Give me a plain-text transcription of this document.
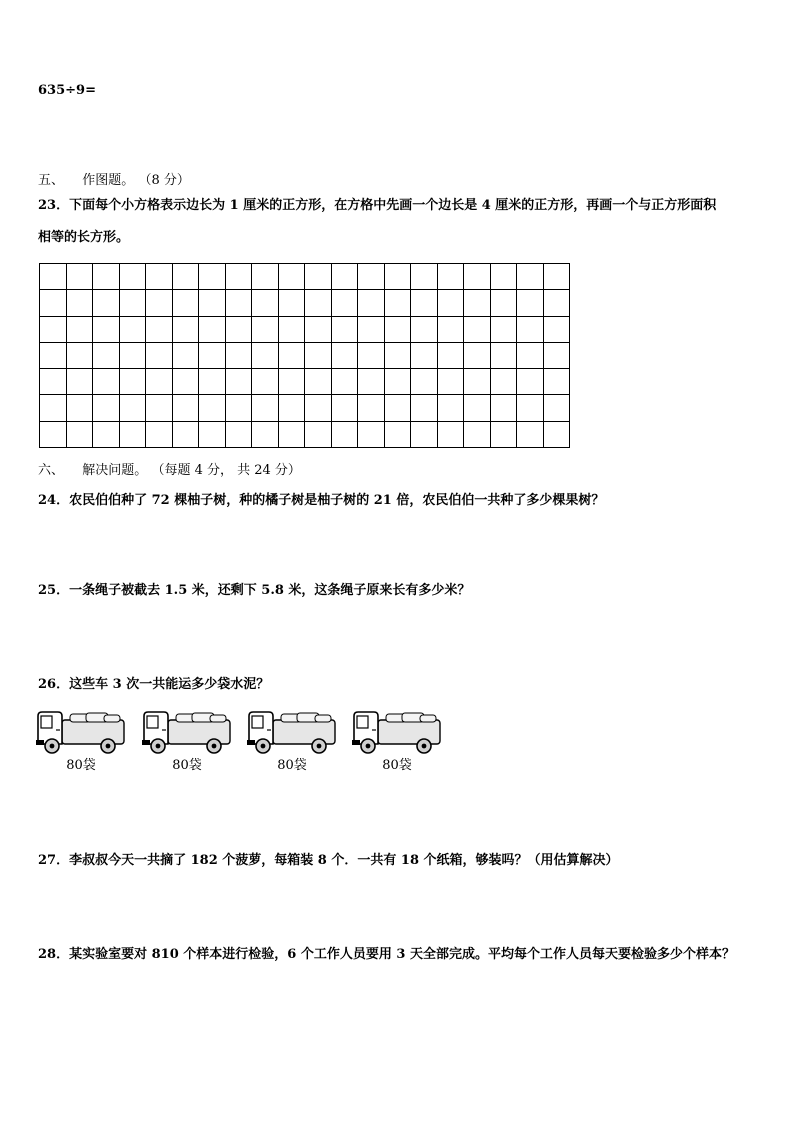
635÷9=
五、 作图题。 （8 分）
23．下面每个小方格表示边长为 1 厘米的正方形，在方格中先画一个边长是 4 厘米的正方形，再画一个与正方形面积
相等的长方形。
六、 解决问题。 （每题 4 分， 共 24 分）
24．农民伯伯种了 72 棵柚子树，种的橘子树是柚子树的 21 倍，农民伯伯一共种了多少棵果树？
25．一条绳子被截去 1.5 米，还剩下 5.8 米，这条绳子原来长有多少米？
26．这些车 3 次一共能运多少袋水泥？
80袋	80袋	80袋	80袋
27．李叔叔今天一共摘了 182 个菠萝，每箱装 8 个．一共有 18 个纸箱，够装吗？（用估算解决）
28．某实验室要对 810 个样本进行检验，6 个工作人员要用 3 天全部完成。平均每个工作人员每天要检验多少个样本？
